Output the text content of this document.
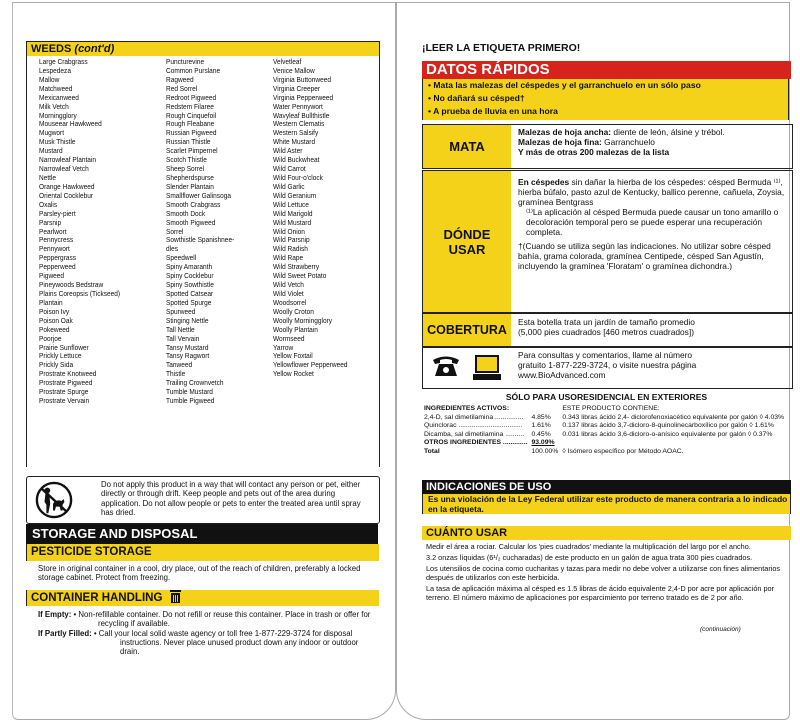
WEEDS (cont'd)
Large Crabgrass
Lespedeza
Mallow
Matchweed
Mexicanweed
Milk Vetch
Morningglory
Mouseear Hawkweed
Mugwort
Musk Thistle
Mustard
Narrowleaf Plantain
Narrowleaf Vetch
Nettle
Orange Hawkweed
Oriental Cocklebur
Oxalis
Parsley-piert
Parsnip
Pearlwort
Pennycress
Pennywort
Peppergrass
Pepperweed
Pigweed
Pineywoods Bedstraw
Plains Coreopsis (Tickseed)
Plantain
Poison Ivy
Poison Oak
Pokeweed
Poorjoe
Prairie Sunflower
Prickly Lettuce
Prickly Sida
Prostrate Knotweed
Prostrate Pigweed
Prostrate Spurge
Prostrate Vervain
Puncturevine
Common Purslane
Ragweed
Red Sorrel
Redroot Pigweed
Redstem Filaree
Rough Cinquefoil
Rough Fleabane
Russian Pigweed
Russian Thistle
Scarlet Pimpernel
Scotch Thistle
Sheep Sorrel
Shepherdspurse
Slender Plantain
Smallflower Galinsoga
Smooth Crabgrass
Smooth Dock
Smooth Pigweed
Sorrel
Sowthistle Spanishnee-
dles
Speedwell
Spiny Amaranth
Spiny Cocklebur
Spiny Sowthistle
Spotted Catsear
Spotted Spurge
Spurweed
Stinging Nettle
Tall Nettle
Tall Vervain
Tansy Mustard
Tansy Ragwort
Tanweed
Thistle
Trailing Crownvetch
Tumble Mustard
Tumble Pigweed
Velvetleaf
Venice Mallow
Virginia Buttonweed
Virginia Creeper
Virginia Pepperweed
Water Pennywort
Wavyleaf Bullthistle
Western Clematis
Western Salsify
White Mustard
Wild Aster
Wild Buckwheat
Wild Carrot
Wild Four-o'clock
Wild Garlic
Wild Geranium
Wild Lettuce
Wild Marigold
Wild Mustard
Wild Onion
Wild Parsnip
Wild Radish
Wild Rape
Wild Strawberry
Wild Sweet Potato
Wild Vetch
Wild Violet
Woodsorrel
Woolly Croton
Woolly Morningglory
Woolly Plantain
Wormseed
Yarrow
Yellow Foxtail
Yellowflower Pepperweed
Yellow Rocket
Do not apply this product in a way that will contact any person or pet, either directly or through drift. Keep people and pets out of the area during application. Do not allow people or pets to enter the treated area until spray has dried.
STORAGE AND DISPOSAL
PESTICIDE STORAGE
Store in original container in a cool, dry place, out of the reach of children, preferably a locked storage cabinet. Protect from freezing.
CONTAINER HANDLING
If Empty: • Non-refillable container. Do not refill or reuse this container. Place in trash or offer for recycling if available.
If Partly Filled: • Call your local solid waste agency or toll free 1-877-229-3724 for disposal instructions. Never place unused product down any indoor or outdoor drain.
¡LEER LA ETIQUETA PRIMERO!
DATOS RÁPIDOS
• Mata las malezas del céspedes y el garranchuelo en un sólo paso
• No dañará su césped†
• A prueba de lluvia en una hora
MATA
Malezas de hoja ancha: diente de león, álsine y trébol.
Malezas de hoja fina: Garranchuelo
Y más de otras 200 malezas de la lista
DÓNDE USAR
En céspedes sin dañar la hierba de los céspedes: césped Bermuda ⁽¹⁾, hierba búfalo, pasto azul de Kentucky, ballico perenne, cañuela, Zoysia, gramínea Bentgrass
⁽¹⁾La aplicación al césped Bermuda puede causar un tono amarillo o decoloración temporal pero se puede esperar una recuperación completa.
†(Cuando se utiliza según las indicaciones. No utilizar sobre césped bahía, grama colorada, gramínea Centipede, césped San Agustín, incluyendo la gramínea 'Floratam' o gramínea dichondra.)
COBERTURA
Esta botella trata un jardín de tamaño promedio (5,000 pies cuadrados [460 metros cuadrados])
Para consultas y comentarios, llame al número gratuito 1-877-229-3724, o visite nuestra página www.BioAdvanced.com
SÓLO PARA USORESIDENCIAL EN EXTERIORES
INGREDIENTES ACTIVOS:		ESTE PRODUCTO CONTIENE:
2,4-D, sal dimetilamina ...............	4.85%	0.343 libras ácido 2,4- diclorofenoxiacético equivalente por galón ◊ 4.03%
Quinclorac ..................................	1.61%	0.137 libras ácido 3,7-dicloro-8-quinolinecarboxílico por galón ◊ 1.61%
Dicamba, sal dimetilamina ..........	0.45%	0.031 libras ácido 3,6-dicloro-o-anísico equivalente por galón ◊ 0.37%
OTROS INGREDIENTES .............	93.09%	
Total	100.00%	◊ Isómero específico por Método AOAC.
INDICACIONES DE USO
Es una violación de la Ley Federal utilizar este producto de manera contraria a lo indicado en la etiqueta.
CUÁNTO USAR

Medir el área a rociar. Calcular los 'pies cuadrados' mediante la multiplicación del largo por el ancho.

3.2 onzas líquidas (6¹/₂ cucharadas) de este producto en un galón de agua trata 300 pies cuadrados.

Los utensilios de cocina como cucharitas y tazas para medir no debe volver a utilizarse con fines alimentarios después de utilizarlos con este herbicida.

La tasa de aplicación máxima al césped es 1.5 libras de ácido equivalente 2,4-D por acre por aplicación por terreno. El número máximo de aplicaciones por esparcimiento por terreno tratado es de 2 por año.

(continuación)
